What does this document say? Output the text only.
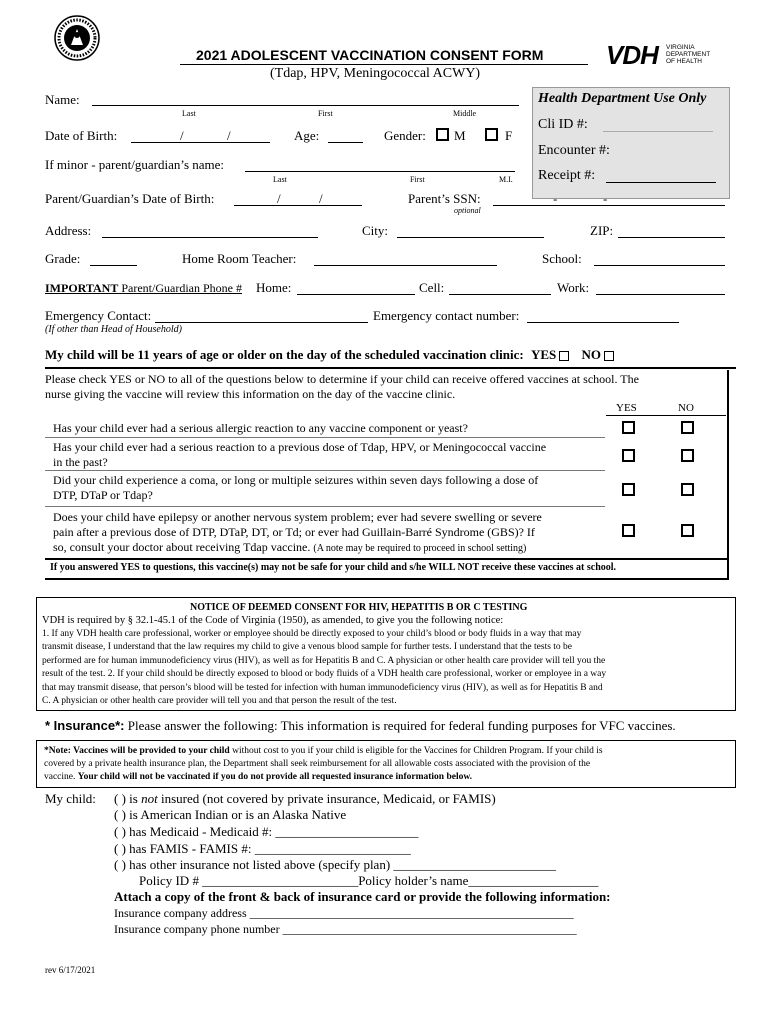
2021 ADOLESCENT VACCINATION CONSENT FORM
(Tdap, HPV, Meningococcal ACWY)
VDH VIRGINIA
DEPARTMENT
OF HEALTH
Health Department Use Only
Cli ID #:
Encounter #:
Receipt #:
Name:
Last	First	Middle
Date of Birth:	/	/	Age:	Gender: M	F
If minor - parent/guardian’s name:
Last	First	M.I.
Parent/Guardian’s Date of Birth:	/	/	Parent’s SSN:	-	-
optional
Address:	City:	ZIP:
Grade:	Home Room Teacher:	School:
IMPORTANT Parent/Guardian Phone # Home:	Cell:	Work:
Emergency Contact:	Emergency contact number:
(If other than Head of Household)
My child will be 11 years of age or older on the day of the scheduled vaccination clinic: YES NO
Please check YES or NO to all of the questions below to determine if your child can receive offered vaccines at school. The
nurse giving the vaccine will review this information on the day of the vaccine clinic.
YES	NO
Has your child ever had a serious allergic reaction to any vaccine component or yeast?
Has your child ever had a serious reaction to a previous dose of Tdap, HPV, or Meningococcal vaccine
in the past?
Did your child experience a coma, or long or multiple seizures within seven days following a dose of
DTP, DTaP or Tdap?
Does your child have epilepsy or another nervous system problem; ever had severe swelling or severe
pain after a previous dose of DTP, DTaP, DT, or Td; or ever had Guillain-Barré Syndrome (GBS)? If
so, consult your doctor about receiving Tdap vaccine. (A note may be required to proceed in school setting)
If you answered YES to questions, this vaccine(s) may not be safe for your child and s/he WILL NOT receive these vaccines at school.
NOTICE OF DEEMED CONSENT FOR HIV, HEPATITIS B OR C TESTING
VDH is required by § 32.1-45.1 of the Code of Virginia (1950), as amended, to give you the following notice:
1. If any VDH health care professional, worker or employee should be directly exposed to your child’s blood or body fluids in a way that may
transmit disease, I understand that the law requires my child to give a venous blood sample for further tests. I understand that the tests to be
performed are for human immunodeficiency virus (HIV), as well as for Hepatitis B and C. A physician or other health care provider will tell you the
result of the test. 2. If your child should be directly exposed to blood or body fluids of a VDH health care professional, worker or employee in a way
that may transmit disease, that person’s blood will be tested for infection with human immunodeficiency virus (HIV), as well as for Hepatitis B and
C. A physician or other health care provider will tell you and that person the result of the test.
* Insurance*: Please answer the following: This information is required for federal funding purposes for VFC vaccines.
*Note: Vaccines will be provided to your child without cost to you if your child is eligible for the Vaccines for Children Program. If your child is
covered by a private health insurance plan, the Department shall seek reimbursement for all allowable costs associated with the provision of the
vaccine. Your child will not be vaccinated if you do not provide all requested insurance information below.
My child: ( ) is not insured (not covered by private insurance, Medicaid, or FAMIS)
( ) is American Indian or is an Alaska Native
( ) has Medicaid - Medicaid #: ______________________
( ) has FAMIS - FAMIS #: ________________________
( ) has other insurance not listed above (specify plan) _________________________
Policy ID # ________________________Policy holder’s name____________________
Attach a copy of the front & back of insurance card or provide the following information:
Insurance company address ______________________________________________________
Insurance company phone number _________________________________________________
rev 6/17/2021
